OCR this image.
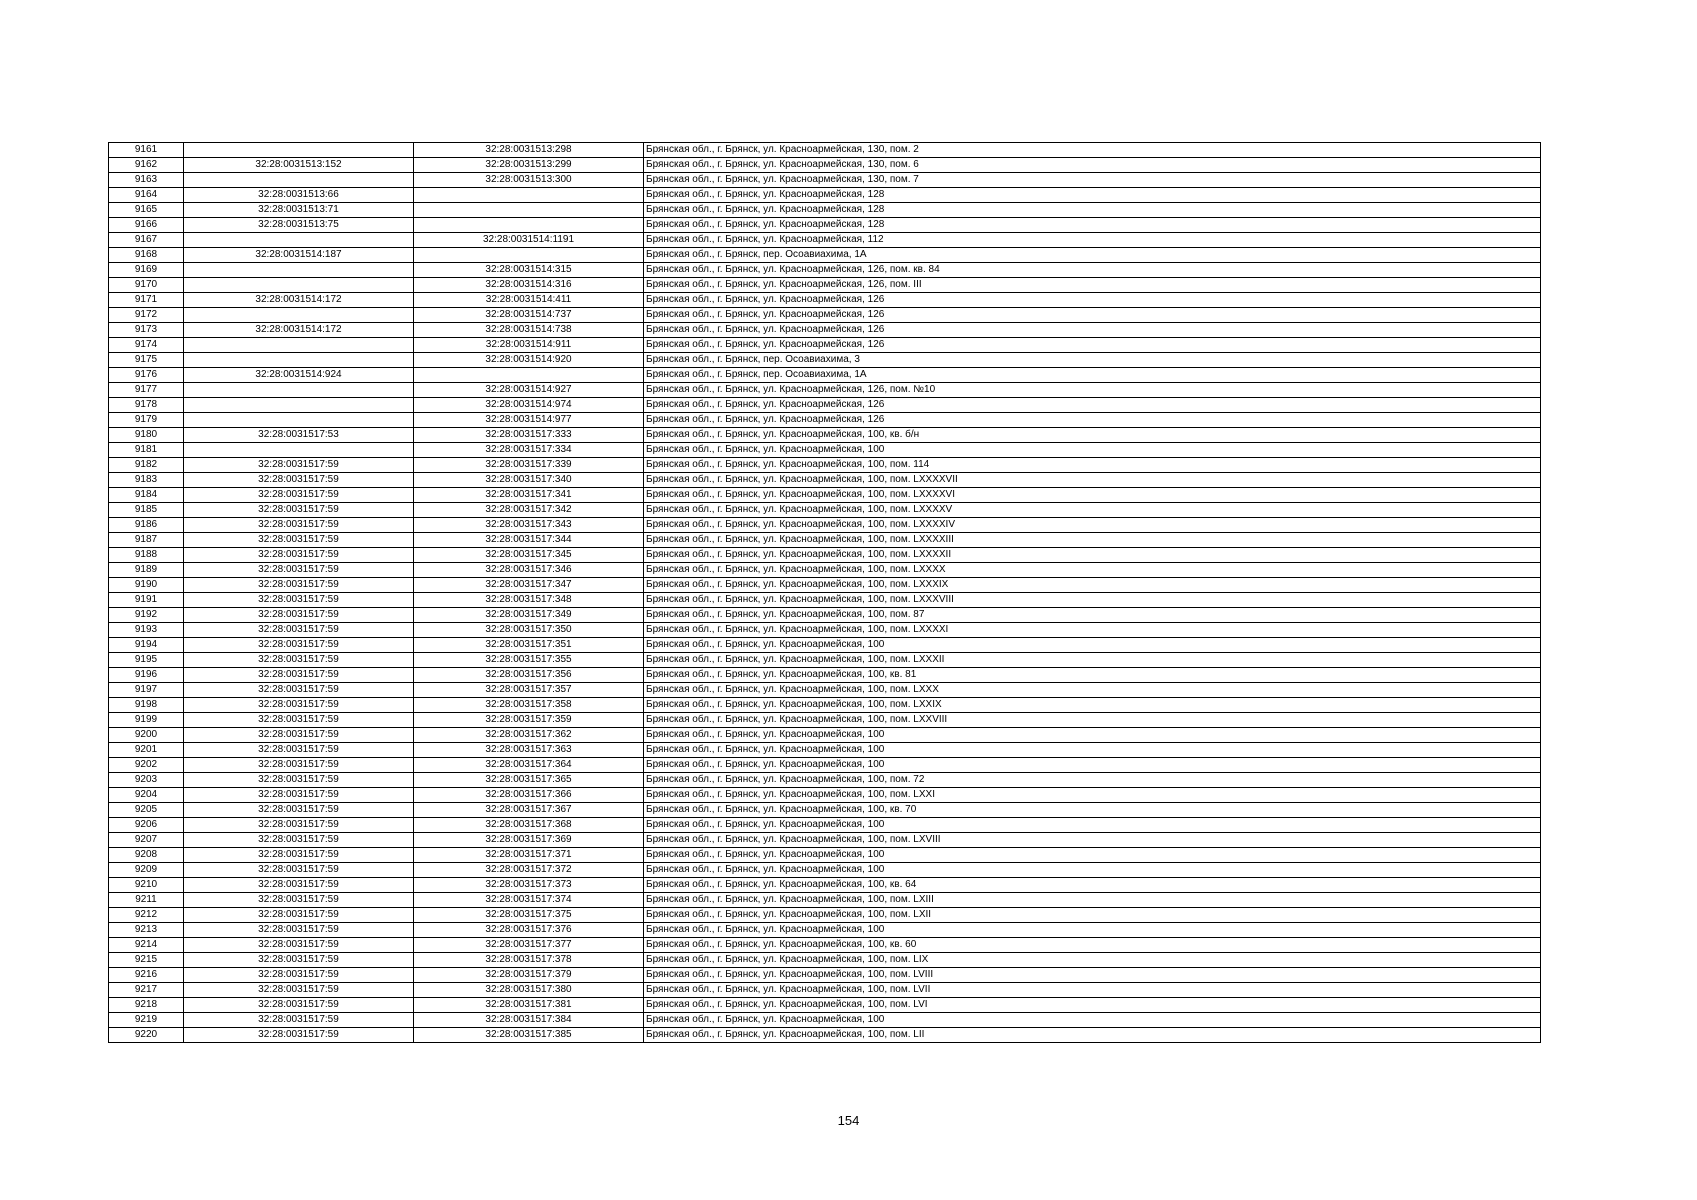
9161		32:28:0031513:298	Брянская обл., г. Брянск, ул. Красноармейская, 130, пом. 2
9162	32:28:0031513:152	32:28:0031513:299	Брянская обл., г. Брянск, ул. Красноармейская, 130, пом. 6
9163		32:28:0031513:300	Брянская обл., г. Брянск, ул. Красноармейская, 130, пом. 7
9164	32:28:0031513:66		Брянская обл., г. Брянск, ул. Красноармейская, 128
9165	32:28:0031513:71		Брянская обл., г. Брянск, ул. Красноармейская, 128
9166	32:28:0031513:75		Брянская обл., г. Брянск, ул. Красноармейская, 128
9167		32:28:0031514:1191	Брянская обл., г. Брянск, ул. Красноармейская, 112
9168	32:28:0031514:187		Брянская обл., г. Брянск, пер. Осоавиахима, 1А
9169		32:28:0031514:315	Брянская обл., г. Брянск, ул. Красноармейская, 126, пом. кв. 84
9170		32:28:0031514:316	Брянская обл., г. Брянск, ул. Красноармейская, 126, пом. III
9171	32:28:0031514:172	32:28:0031514:411	Брянская обл., г. Брянск, ул. Красноармейская, 126
9172		32:28:0031514:737	Брянская обл., г. Брянск, ул. Красноармейская, 126
9173	32:28:0031514:172	32:28:0031514:738	Брянская обл., г. Брянск, ул. Красноармейская, 126
9174		32:28:0031514:911	Брянская обл., г. Брянск, ул. Красноармейская, 126
9175		32:28:0031514:920	Брянская обл., г. Брянск, пер. Осоавиахима, 3
9176	32:28:0031514:924		Брянская обл., г. Брянск, пер. Осоавиахима, 1А
9177		32:28:0031514:927	Брянская обл., г. Брянск, ул. Красноармейская, 126, пом. №10
9178		32:28:0031514:974	Брянская обл., г. Брянск, ул. Красноармейская, 126
9179		32:28:0031514:977	Брянская обл., г. Брянск, ул. Красноармейская, 126
9180	32:28:0031517:53	32:28:0031517:333	Брянская обл., г. Брянск, ул. Красноармейская, 100, кв. б/н
9181		32:28:0031517:334	Брянская обл., г. Брянск, ул. Красноармейская, 100
9182	32:28:0031517:59	32:28:0031517:339	Брянская обл., г. Брянск, ул. Красноармейская, 100, пом. 114
9183	32:28:0031517:59	32:28:0031517:340	Брянская обл., г. Брянск, ул. Красноармейская, 100, пом. LXXXXVII
9184	32:28:0031517:59	32:28:0031517:341	Брянская обл., г. Брянск, ул. Красноармейская, 100, пом. LXXXXVI
9185	32:28:0031517:59	32:28:0031517:342	Брянская обл., г. Брянск, ул. Красноармейская, 100, пом. LXXXXV
9186	32:28:0031517:59	32:28:0031517:343	Брянская обл., г. Брянск, ул. Красноармейская, 100, пом. LXXXXIV
9187	32:28:0031517:59	32:28:0031517:344	Брянская обл., г. Брянск, ул. Красноармейская, 100, пом. LXXXXIII
9188	32:28:0031517:59	32:28:0031517:345	Брянская обл., г. Брянск, ул. Красноармейская, 100, пом. LXXXXII
9189	32:28:0031517:59	32:28:0031517:346	Брянская обл., г. Брянск, ул. Красноармейская, 100, пом. LXXXX
9190	32:28:0031517:59	32:28:0031517:347	Брянская обл., г. Брянск, ул. Красноармейская, 100, пом. LXXXIX
9191	32:28:0031517:59	32:28:0031517:348	Брянская обл., г. Брянск, ул. Красноармейская, 100, пом. LXXXVIII
9192	32:28:0031517:59	32:28:0031517:349	Брянская обл., г. Брянск, ул. Красноармейская, 100, пом. 87
9193	32:28:0031517:59	32:28:0031517:350	Брянская обл., г. Брянск, ул. Красноармейская, 100, пом. LXXXXI
9194	32:28:0031517:59	32:28:0031517:351	Брянская обл., г. Брянск, ул. Красноармейская, 100
9195	32:28:0031517:59	32:28:0031517:355	Брянская обл., г. Брянск, ул. Красноармейская, 100, пом. LXXXII
9196	32:28:0031517:59	32:28:0031517:356	Брянская обл., г. Брянск, ул. Красноармейская, 100, кв. 81
9197	32:28:0031517:59	32:28:0031517:357	Брянская обл., г. Брянск, ул. Красноармейская, 100, пом. LXXX
9198	32:28:0031517:59	32:28:0031517:358	Брянская обл., г. Брянск, ул. Красноармейская, 100, пом. LXXIX
9199	32:28:0031517:59	32:28:0031517:359	Брянская обл., г. Брянск, ул. Красноармейская, 100, пом. LXXVIII
9200	32:28:0031517:59	32:28:0031517:362	Брянская обл., г. Брянск, ул. Красноармейская, 100
9201	32:28:0031517:59	32:28:0031517:363	Брянская обл., г. Брянск, ул. Красноармейская, 100
9202	32:28:0031517:59	32:28:0031517:364	Брянская обл., г. Брянск, ул. Красноармейская, 100
9203	32:28:0031517:59	32:28:0031517:365	Брянская обл., г. Брянск, ул. Красноармейская, 100, пом. 72
9204	32:28:0031517:59	32:28:0031517:366	Брянская обл., г. Брянск, ул. Красноармейская, 100, пом. LXXI
9205	32:28:0031517:59	32:28:0031517:367	Брянская обл., г. Брянск, ул. Красноармейская, 100, кв. 70
9206	32:28:0031517:59	32:28:0031517:368	Брянская обл., г. Брянск, ул. Красноармейская, 100
9207	32:28:0031517:59	32:28:0031517:369	Брянская обл., г. Брянск, ул. Красноармейская, 100, пом. LXVIII
9208	32:28:0031517:59	32:28:0031517:371	Брянская обл., г. Брянск, ул. Красноармейская, 100
9209	32:28:0031517:59	32:28:0031517:372	Брянская обл., г. Брянск, ул. Красноармейская, 100
9210	32:28:0031517:59	32:28:0031517:373	Брянская обл., г. Брянск, ул. Красноармейская, 100, кв. 64
9211	32:28:0031517:59	32:28:0031517:374	Брянская обл., г. Брянск, ул. Красноармейская, 100, пом. LXIII
9212	32:28:0031517:59	32:28:0031517:375	Брянская обл., г. Брянск, ул. Красноармейская, 100, пом. LXII
9213	32:28:0031517:59	32:28:0031517:376	Брянская обл., г. Брянск, ул. Красноармейская, 100
9214	32:28:0031517:59	32:28:0031517:377	Брянская обл., г. Брянск, ул. Красноармейская, 100, кв. 60
9215	32:28:0031517:59	32:28:0031517:378	Брянская обл., г. Брянск, ул. Красноармейская, 100, пом. LIX
9216	32:28:0031517:59	32:28:0031517:379	Брянская обл., г. Брянск, ул. Красноармейская, 100, пом. LVIII
9217	32:28:0031517:59	32:28:0031517:380	Брянская обл., г. Брянск, ул. Красноармейская, 100, пом. LVII
9218	32:28:0031517:59	32:28:0031517:381	Брянская обл., г. Брянск, ул. Красноармейская, 100, пом. LVI
9219	32:28:0031517:59	32:28:0031517:384	Брянская обл., г. Брянск, ул. Красноармейская, 100
9220	32:28:0031517:59	32:28:0031517:385	Брянская обл., г. Брянск, ул. Красноармейская, 100, пом. LII
154
